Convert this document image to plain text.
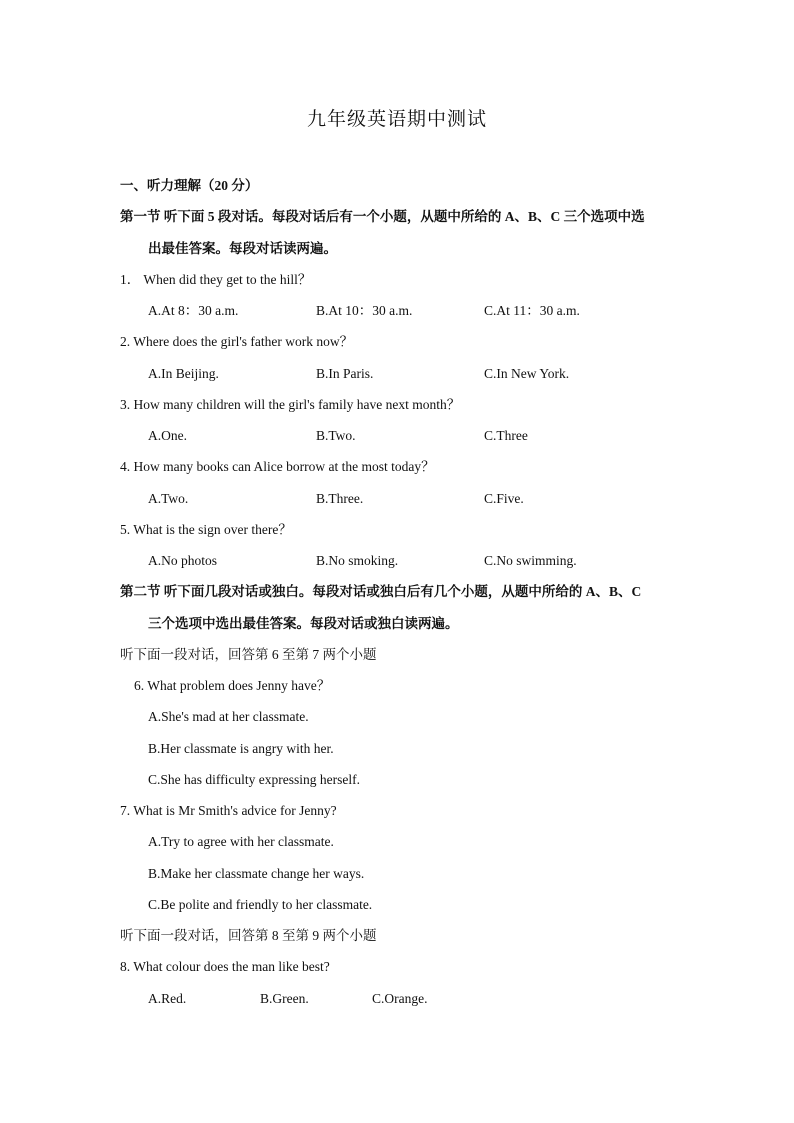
九年级英语期中测试
一、听力理解（20 分）
第一节 听下面 5 段对话。每段对话后有一个小题，从题中所给的 A、B、C 三个选项中选
出最佳答案。每段对话读两遍。
1． When did they get to the hill？
A.At 8：30 a.m.	B.At 10：30 a.m.	C.At 11：30 a.m.
2. Where does the girl's father work now？
A.In Beijing.	B.In Paris.	C.In New York.
3. How many children will the girl's family have next month？
A.One.	B.Two.	C.Three
4. How many books can Alice borrow at the most today？
A.Two.	B.Three.	C.Five.
5. What is the sign over there？
A.No photos	B.No smoking.	C.No swimming.
第二节 听下面几段对话或独白。每段对话或独白后有几个小题，从题中所给的 A、B、C
三个选项中选出最佳答案。每段对话或独白读两遍。
听下面一段对话，回答第 6 至第 7 两个小题
6. What problem does Jenny have？
A.She's mad at her classmate.
B.Her classmate is angry with her.
C.She has difficulty expressing herself.
7. What is Mr Smith's advice for Jenny?
A.Try to agree with her classmate.
B.Make her classmate change her ways.
C.Be polite and friendly to her classmate.
听下面一段对话，回答第 8 至第 9 两个小题
8. What colour does the man like best?
A.Red.	B.Green.	C.Orange.
